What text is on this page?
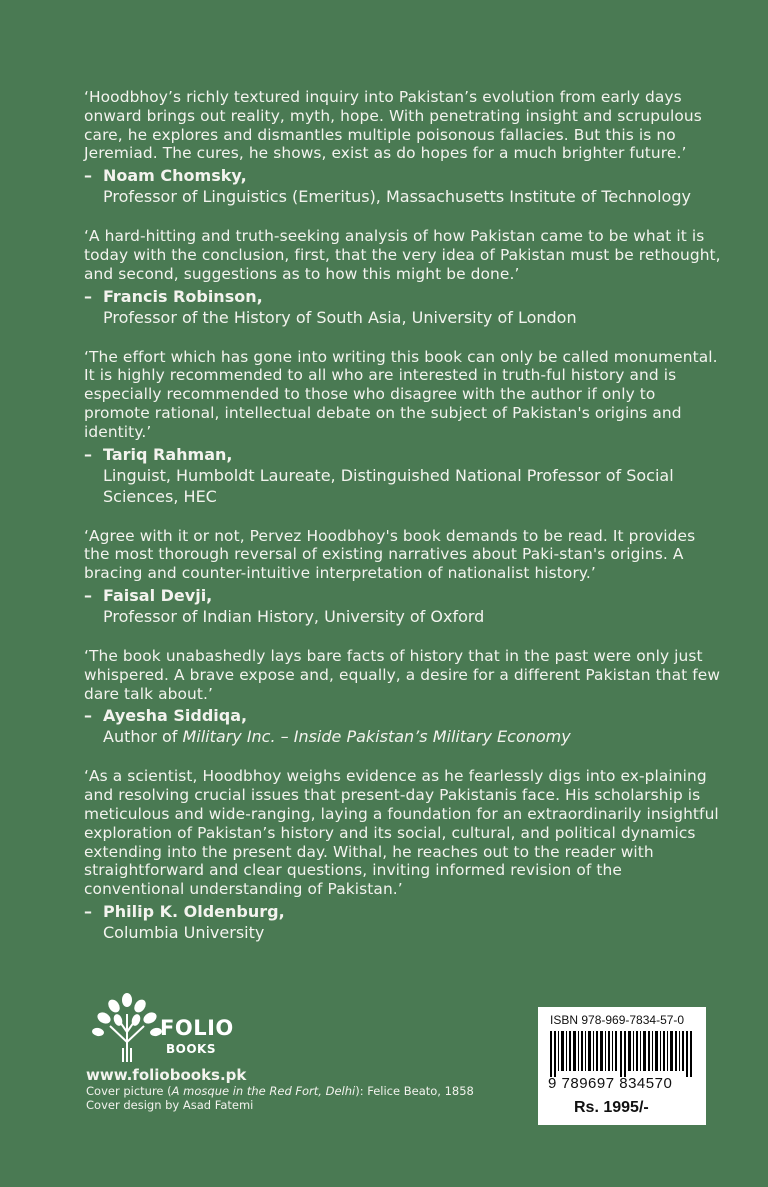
‘Hoodbhoy’s richly textured inquiry into Pakistan’s evolution from early days onward brings out reality, myth, hope. With penetrating insight and scrupulous care, he explores and dismantles multiple poisonous fallacies. But this is no Jeremiad. The cures, he shows, exist as do hopes for a much brighter future.’

– Noam Chomsky,
Professor of Linguistics (Emeritus), Massachusetts Institute of Technology

‘A hard-hitting and truth-seeking analysis of how Pakistan came to be what it is today with the conclusion, first, that the very idea of Pakistan must be rethought, and second, suggestions as to how this might be done.’

– Francis Robinson,
Professor of the History of South Asia, University of London

‘The effort which has gone into writing this book can only be called monumental. It is highly recommended to all who are interested in truth-ful history and is especially recommended to those who disagree with the author if only to promote rational, intellectual debate on the subject of Pakistan's origins and identity.’

– Tariq Rahman,
Linguist, Humboldt Laureate, Distinguished National Professor of Social Sciences, HEC

‘Agree with it or not, Pervez Hoodbhoy's book demands to be read. It provides the most thorough reversal of existing narratives about Paki-stan's origins. A bracing and counter-intuitive interpretation of nationalist history.’

– Faisal Devji,
Professor of Indian History, University of Oxford

‘The book unabashedly lays bare facts of history that in the past were only just whispered. A brave expose and, equally, a desire for a different Pakistan that few dare talk about.’

– Ayesha Siddiqa,
Author of Military Inc. – Inside Pakistan’s Military Economy

‘As a scientist, Hoodbhoy weighs evidence as he fearlessly digs into ex-plaining and resolving crucial issues that present-day Pakistanis face. His scholarship is meticulous and wide-ranging, laying a foundation for an extraordinarily insightful exploration of Pakistan’s history and its social, cultural, and political dynamics extending into the present day. Withal, he reaches out to the reader with straightforward and clear questions, inviting informed revision of the conventional understanding of Pakistan.’

– Philip K. Oldenburg,
Columbia University
FOLIO
BOOKS
www.foliobooks.pk
Cover picture (A mosque in the Red Fort, Delhi): Felice Beato, 1858
Cover design by Asad Fatemi
ISBN 978-969-7834-57-0
9 789697 834570
Rs. 1995/-
